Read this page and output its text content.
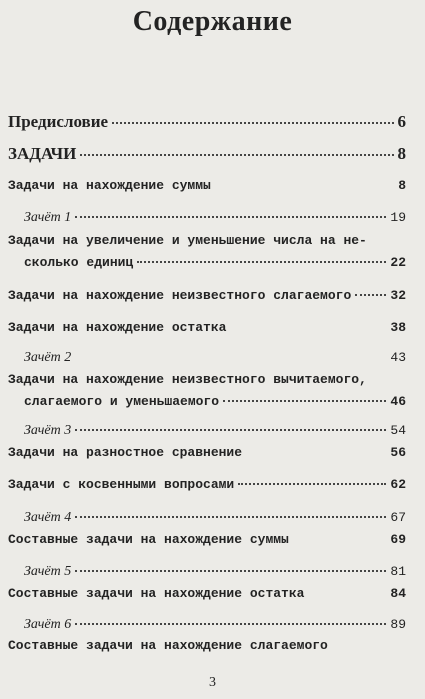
Содержание
Предисловие	6
ЗАДАЧИ	8
Задачи на нахождение суммы	8
Зачёт 1	19
Задачи на увеличение и уменьшение числа на не-
сколько единиц	22
Задачи на нахождение неизвестного слагаемого	32
Задачи на нахождение остатка	38
Зачёт 2	43
Задачи на нахождение неизвестного вычитаемого,
слагаемого и уменьшаемого	46
Зачёт 3	54
Задачи на разностное сравнение	56
Задачи с косвенными вопросами	62
Зачёт 4	67
Составные задачи на нахождение суммы	69
Зачёт 5	81
Составные задачи на нахождение остатка	84
Зачёт 6	89
Составные задачи на нахождение слагаемого
3
